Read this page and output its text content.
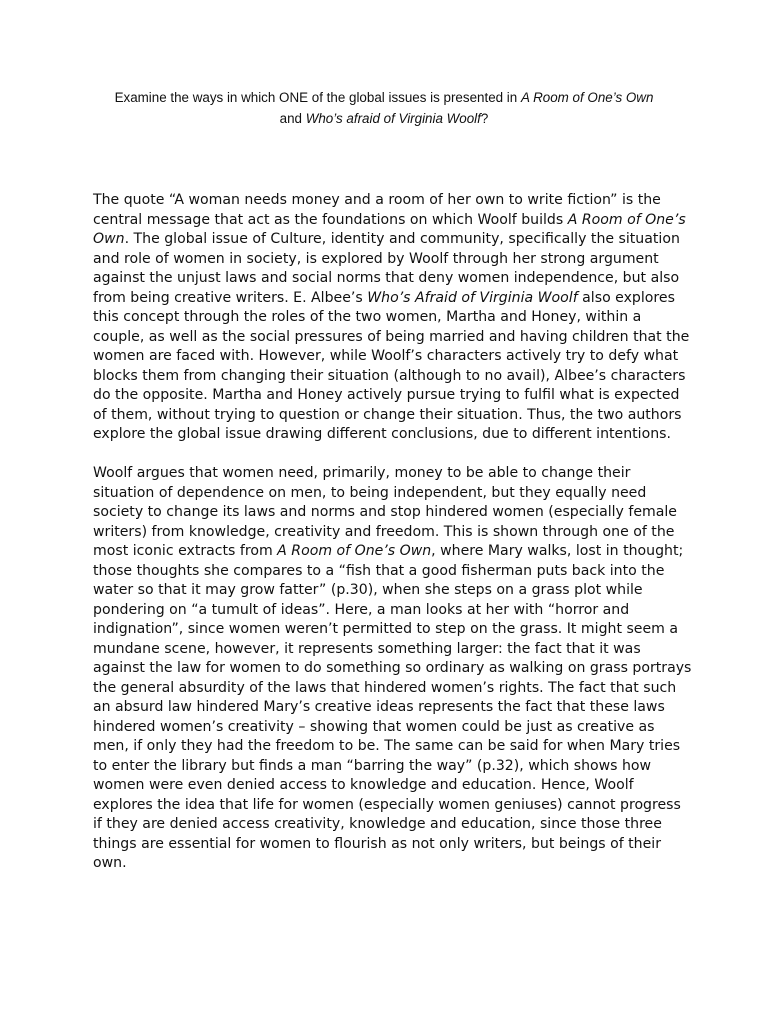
Examine the ways in which ONE of the global issues is presented in A Room of One’s Own
and Who’s afraid of Virginia Woolf?

The quote “A woman needs money and a room of her own to write fiction” is the central message that act as the foundations on which Woolf builds A Room of One’s Own. The global issue of Culture, identity and community, specifically the situation and role of women in society, is explored by Woolf through her strong argument against the unjust laws and social norms that deny women independence, but also from being creative writers. E. Albee’s Who’s Afraid of Virginia Woolf also explores this concept through the roles of the two women, Martha and Honey, within a couple, as well as the social pressures of being married and having children that the women are faced with. However, while Woolf’s characters actively try to defy what blocks them from changing their situation (although to no avail), Albee’s characters do the opposite. Martha and Honey actively pursue trying to fulfil what is expected of them, without trying to question or change their situation. Thus, the two authors explore the global issue drawing different conclusions, due to different intentions.

Woolf argues that women need, primarily, money to be able to change their situation of dependence on men, to being independent, but they equally need society to change its laws and norms and stop hindered women (especially female writers) from knowledge, creativity and freedom. This is shown through one of the most iconic extracts from A Room of One’s Own, where Mary walks, lost in thought; those thoughts she compares to a “fish that a good fisherman puts back into the water so that it may grow fatter” (p.30), when she steps on a grass plot while pondering on “a tumult of ideas”. Here, a man looks at her with “horror and indignation”, since women weren’t permitted to step on the grass. It might seem a mundane scene, however, it represents something larger: the fact that it was against the law for women to do something so ordinary as walking on grass portrays the general absurdity of the laws that hindered women’s rights. The fact that such an absurd law hindered Mary’s creative ideas represents the fact that these laws hindered women’s creativity – showing that women could be just as creative as men, if only they had the freedom to be. The same can be said for when Mary tries to enter the library but finds a man “barring the way” (p.32), which shows how women were even denied access to knowledge and education. Hence, Woolf explores the idea that life for women (especially women geniuses) cannot progress if they are denied access creativity, knowledge and education, since those three things are essential for women to flourish as not only writers, but beings of their own.
